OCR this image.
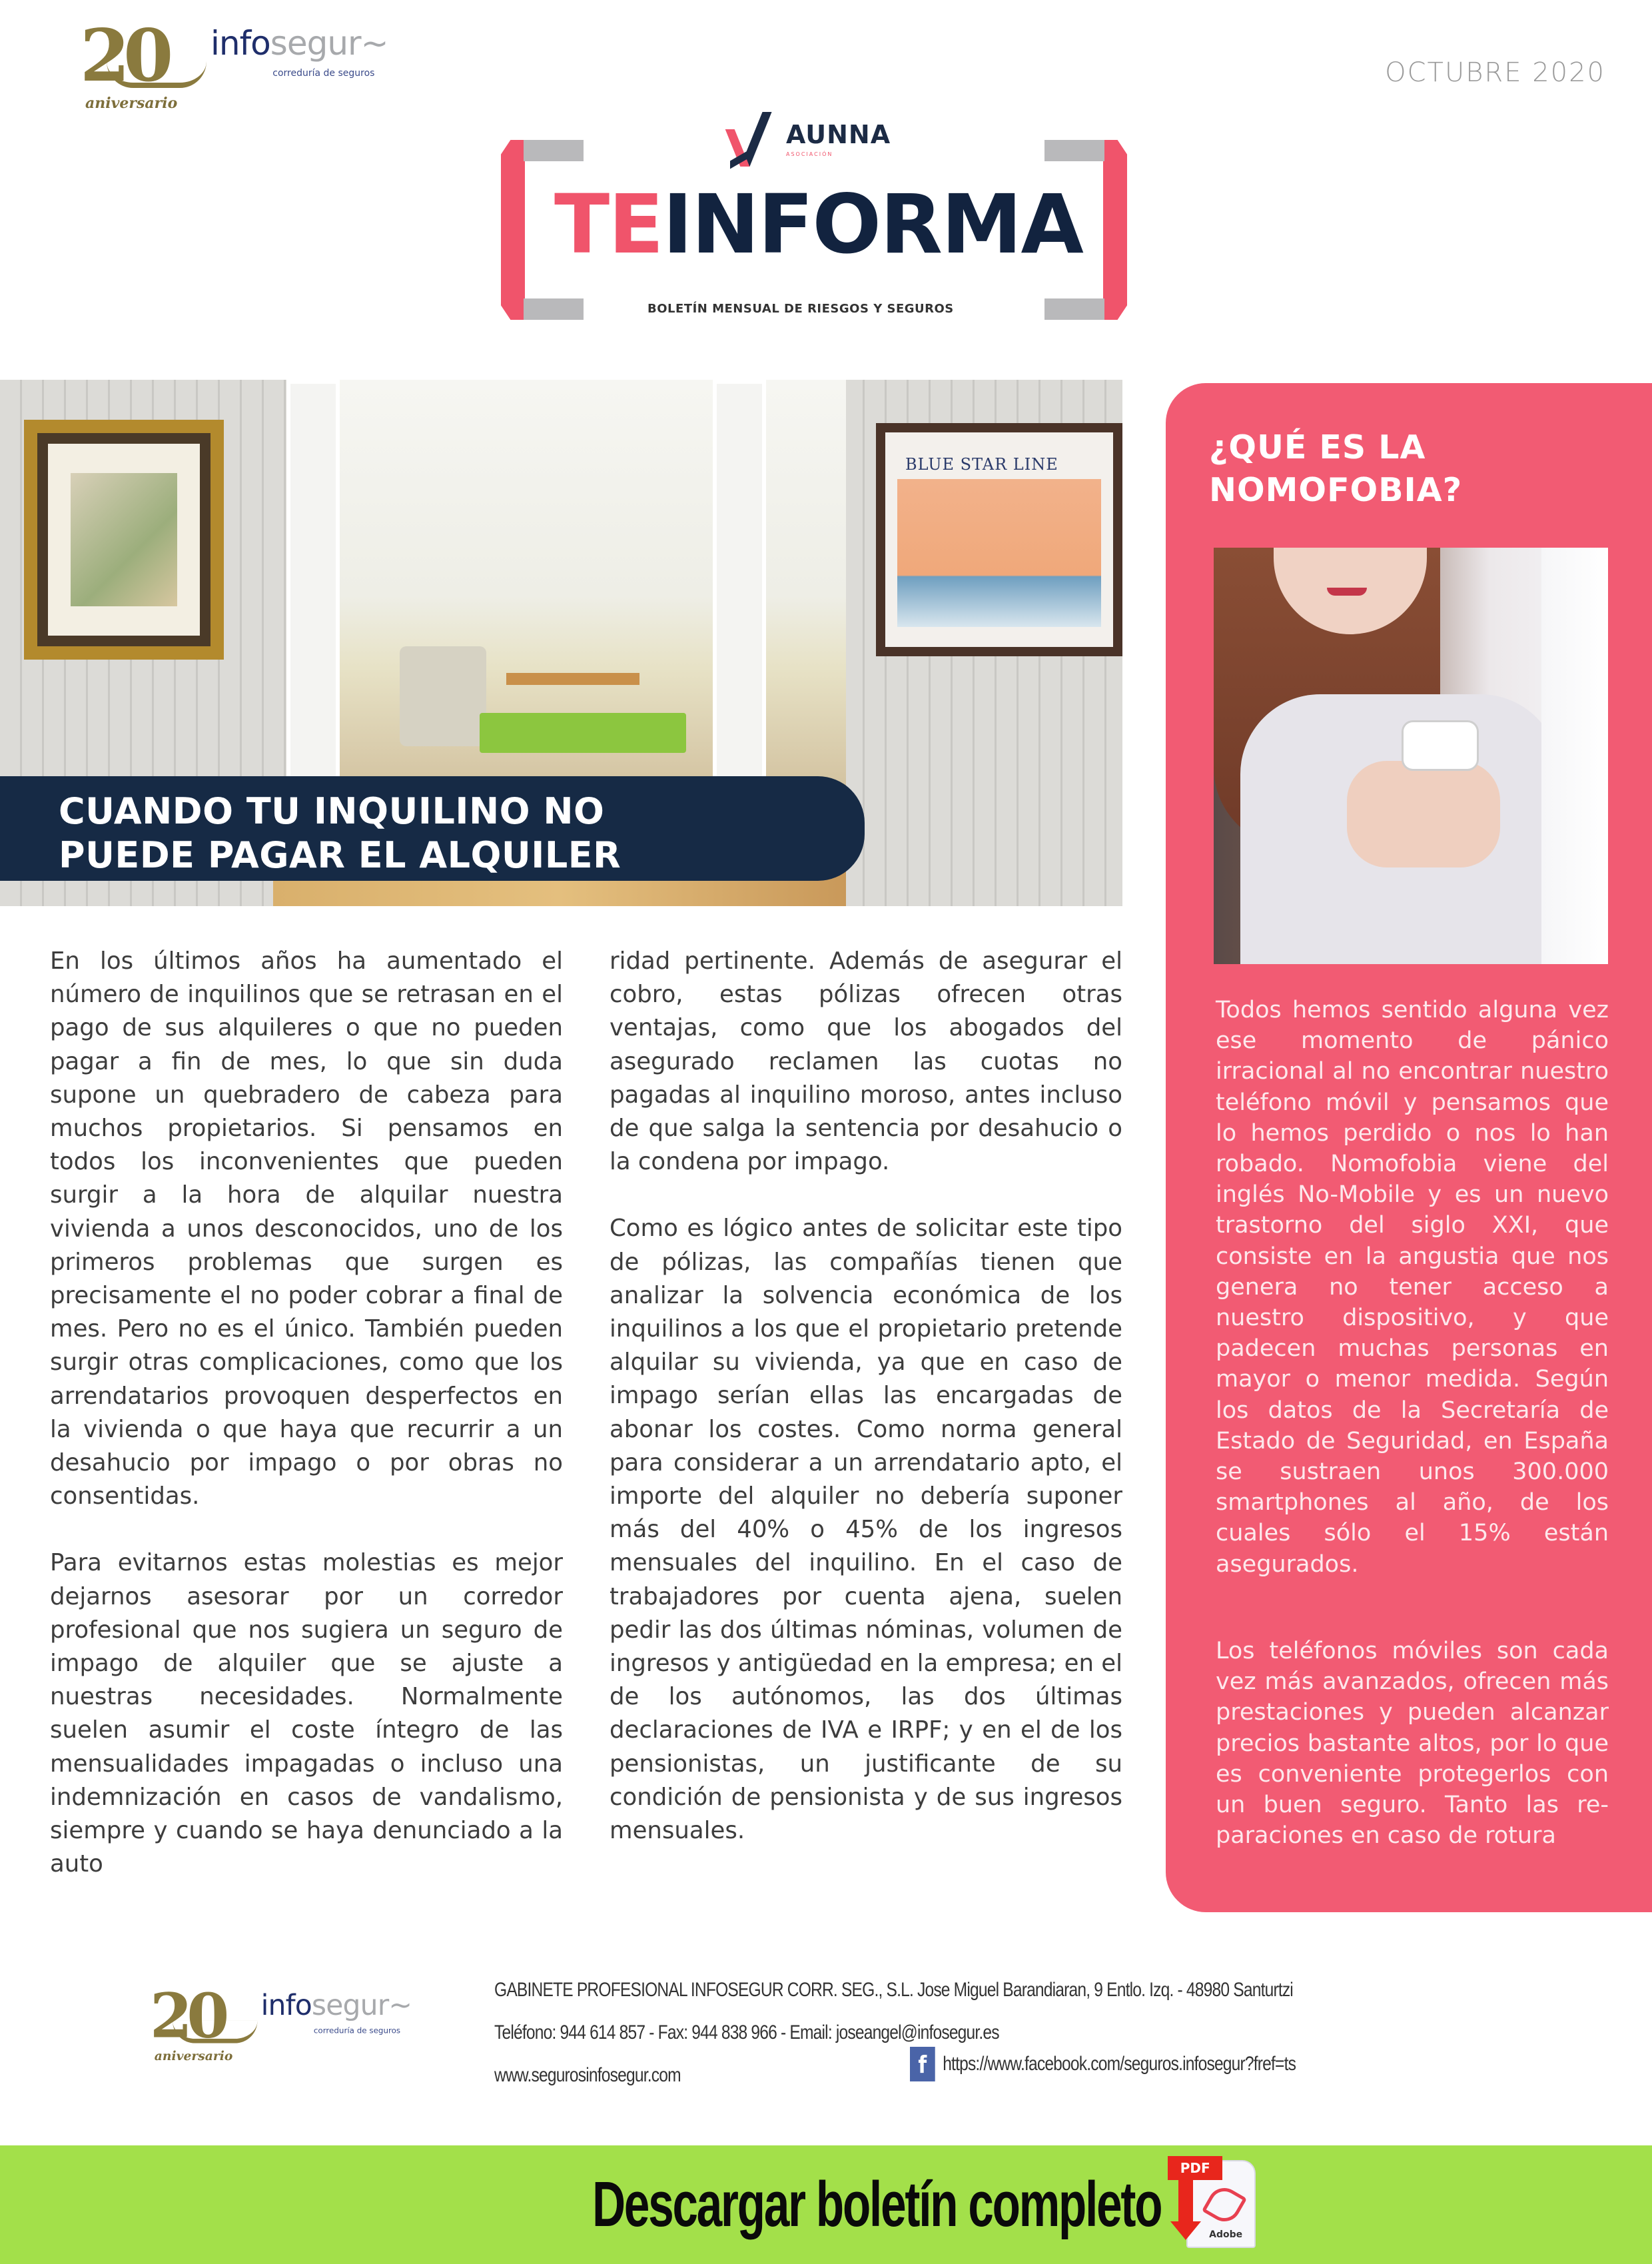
20
aniversario
infosegur~
correduría de seguros	OCTUBRE 2020
AUNNA
ASOCIACIÓN
TEINFORMA
BOLETÍN MENSUAL DE RIESGOS Y SEGUROS
BLUE STAR LINE
CUANDO TU INQUILINO NO
PUEDE PAGAR EL ALQUILER

En los últimos años ha aumentado el número de inquilinos que se retrasan en el pago de sus alquileres o que no pueden pagar a fin de mes, lo que sin duda supone un quebradero de cabeza para muchos propietarios. Si pensamos en todos los inconvenientes que pueden surgir a la hora de alquilar nuestra vivienda a unos desconocidos, uno de los primeros problemas que surgen es precisamente el no poder cobrar a final de mes. Pero no es el único. También pueden surgir otras complicaciones, como que los arrendatarios provoquen desperfectos en la vivienda o que haya que recurrir a un desahucio por impago o por obras no consentidas.

Para evitarnos estas molestias es mejor dejarnos asesorar por un corredor profesional que nos sugiera un seguro de impago de alquiler que se ajuste a nuestras necesidades. Normalmente suelen asumir el coste íntegro de las mensualidades impagadas o incluso una indemnización en casos de vandalismo, siempre y cuando se haya denunciado a la auto

ridad pertinente. Además de asegurar el cobro, estas pólizas ofrecen otras ventajas, como que los abogados del asegurado reclamen las cuotas no pagadas al inquilino moroso, antes incluso de que salga la sentencia por desahucio o la condena por impago.

Como es lógico antes de solicitar este tipo de pólizas, las compañías tienen que analizar la solvencia económica de los inquilinos a los que el propietario pretende alquilar su vivienda, ya que en caso de impago serían ellas las encargadas de abonar los costes. Como norma general para considerar a un arrendatario apto, el importe del alquiler no debería suponer más del 40% o 45% de los ingresos mensuales del inquilino. En el caso de trabajadores por cuenta ajena, suelen pedir las dos últimas nóminas, volumen de ingresos y antigüedad en la empresa; en el de los autónomos, las dos últimas declaraciones de IVA e IRPF; y en el de los pensionistas, un justificante de su condición de pensionista y de sus ingresos mensuales.

¿QUÉ ES LA
NOMOFOBIA?
Todos hemos sentido alguna vez ese momento de pánico irracional al no encontrar nuestro teléfono móvil y pensamos que lo hemos perdido o nos lo han robado. Nomofobia viene del inglés No-Mobile y es un nuevo trastorno del siglo XXI, que consiste en la angustia que nos genera no tener acceso a nuestro dispositivo, y que padecen muchas personas en mayor o menor medida. Según los datos de la Secretaría de Estado de Seguridad, en España se sustraen unos 300.000 smartphones al año, de los cuales sólo el 15% están asegurados.
Los teléfonos móviles son cada vez más avanzados, ofrecen más prestaciones y pueden alcanzar precios bastante altos, por lo que es conveniente protegerlos con un buen seguro. Tanto las reparaciones en caso de rotura
20
aniversario
infosegur~
correduría de seguros
GABINETE PROFESIONAL INFOSEGUR CORR. SEG., S.L. Jose Miguel Barandiaran, 9 Entlo. Izq. - 48980 Santurtzi
Teléfono: 944 614 857 - Fax: 944 838 966 - Email: joseangel@infosegur.es
www.segurosinfosegur.com	f https://www.facebook.com/seguros.infosegur?fref=ts
Descargar boletín completo
PDF
Adobe
